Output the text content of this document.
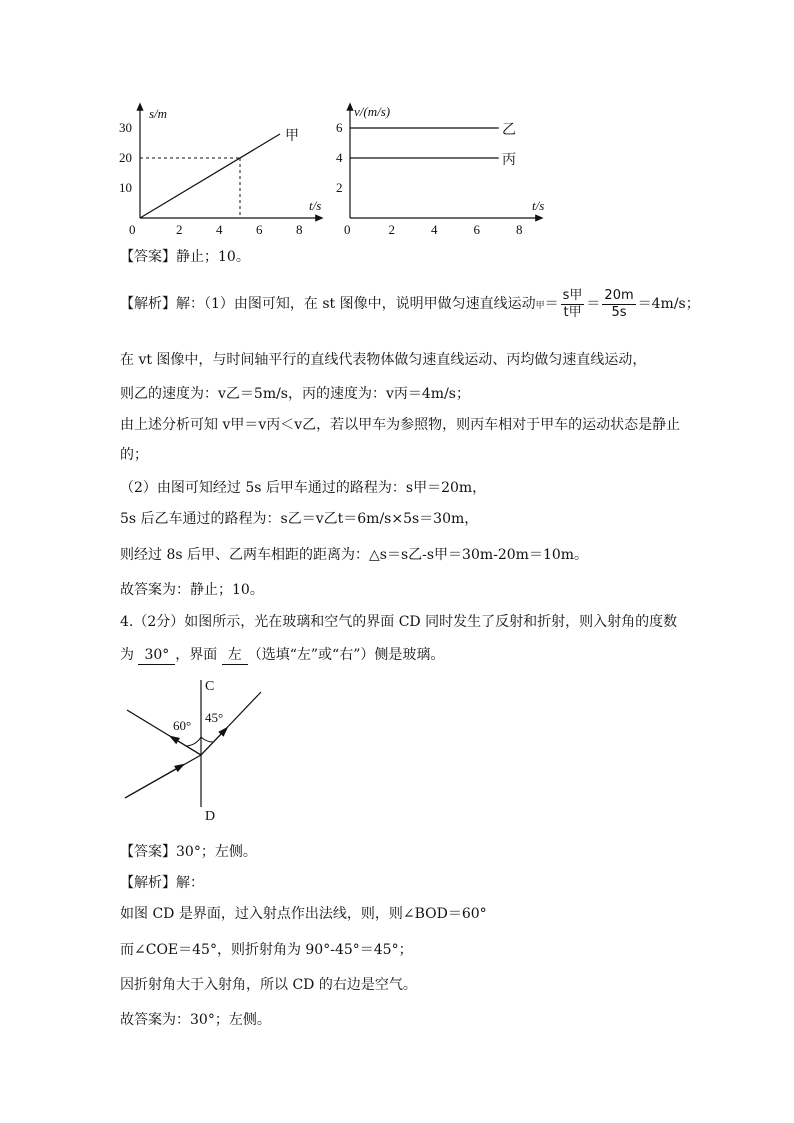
30
20
10
0	2	4	6	8
s/m
t/s
甲
6
4
2
0	2	4	6	8
v/(m/s)
t/s
乙
丙
【答案】静止；10。
【解析】解：（1）由图可知，在 st 图像中，说明甲做匀速直线运动甲＝ $\frac{\text{s甲}}{\text{t甲}} = \frac{20m}{5s} =4m/s$；
在 vt 图像中，与时间轴平行的直线代表物体做匀速直线运动、丙均做匀速直线运动，
则乙的速度为：v乙＝5m/s，丙的速度为：v丙＝4m/s；
由上述分析可知 v甲＝v丙＜v乙，若以甲车为参照物，则丙车相对于甲车的运动状态是静止
的；
（2）由图可知经过 5s 后甲车通过的路程为：s甲＝20m，
5s 后乙车通过的路程为：s乙＝v乙t＝6m/s×5s＝30m，
则经过 8s 后甲、乙两车相距的距离为：△s＝s乙-s甲＝30m-20m＝10m。
故答案为：静止；10。
4.（2分）如图所示，光在玻璃和空气的界面 CD 同时发生了反射和折射，则入射角的度数
为 30° ，界面 左 （选填“左”或“右”）侧是玻璃。
C
D
60°
45°
【答案】30°；左侧。
【解析】解：
如图 CD 是界面，过入射点作出法线，则，则∠BOD＝60°
而∠COE＝45°，则折射角为 90°-45°＝45°；
因折射角大于入射角，所以 CD 的右边是空气。
故答案为：30°；左侧。
